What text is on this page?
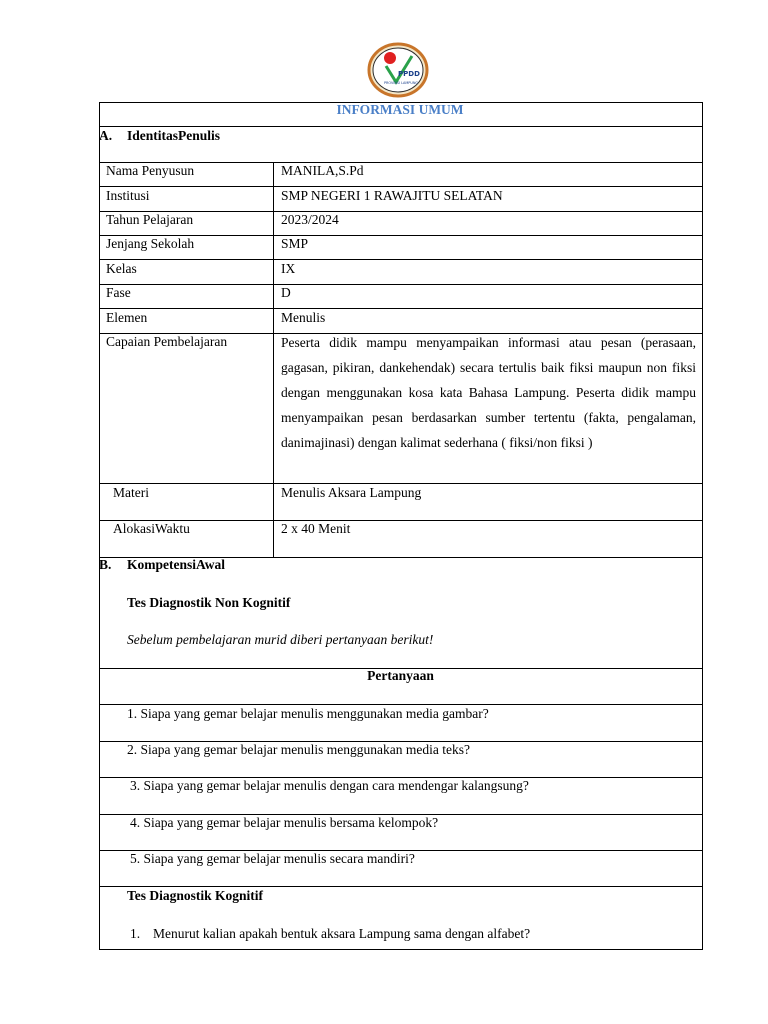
PPDD
PROVINSI LAMPUNG
INFORMASI UMUM
A. IdentitasPenulis
Nama Penyusun	MANILA,S.Pd
Institusi	SMP NEGERI 1 RAWAJITU SELATAN
Tahun Pelajaran	2023/2024
Jenjang Sekolah	SMP
Kelas	IX
Fase	D
Elemen	Menulis
Capaian Pembelajaran	Peserta didik mampu menyampaikan informasi atau pesan (perasaan, gagasan, pikiran, dankehendak) secara tertulis baik fiksi maupun non fiksi dengan menggunakan kosa kata Bahasa Lampung. Peserta didik mampu menyampaikan pesan berdasarkan sumber tertentu (fakta, pengalaman, danimajinasi) dengan kalimat sederhana ( fiksi/non fiksi )
Materi	Menulis Aksara Lampung
AlokasiWaktu	2 x 40 Menit
B. KompetensiAwal
Tes Diagnostik Non Kognitif
Sebelum pembelajaran murid diberi pertanyaan berikut!
Pertanyaan
1. Siapa yang gemar belajar menulis menggunakan media gambar?
2. Siapa yang gemar belajar menulis menggunakan media teks?
3. Siapa yang gemar belajar menulis dengan cara mendengar kalangsung?
4. Siapa yang gemar belajar menulis bersama kelompok?
5. Siapa yang gemar belajar menulis secara mandiri?
Tes Diagnostik Kognitif
1. Menurut kalian apakah bentuk aksara Lampung sama dengan alfabet?
